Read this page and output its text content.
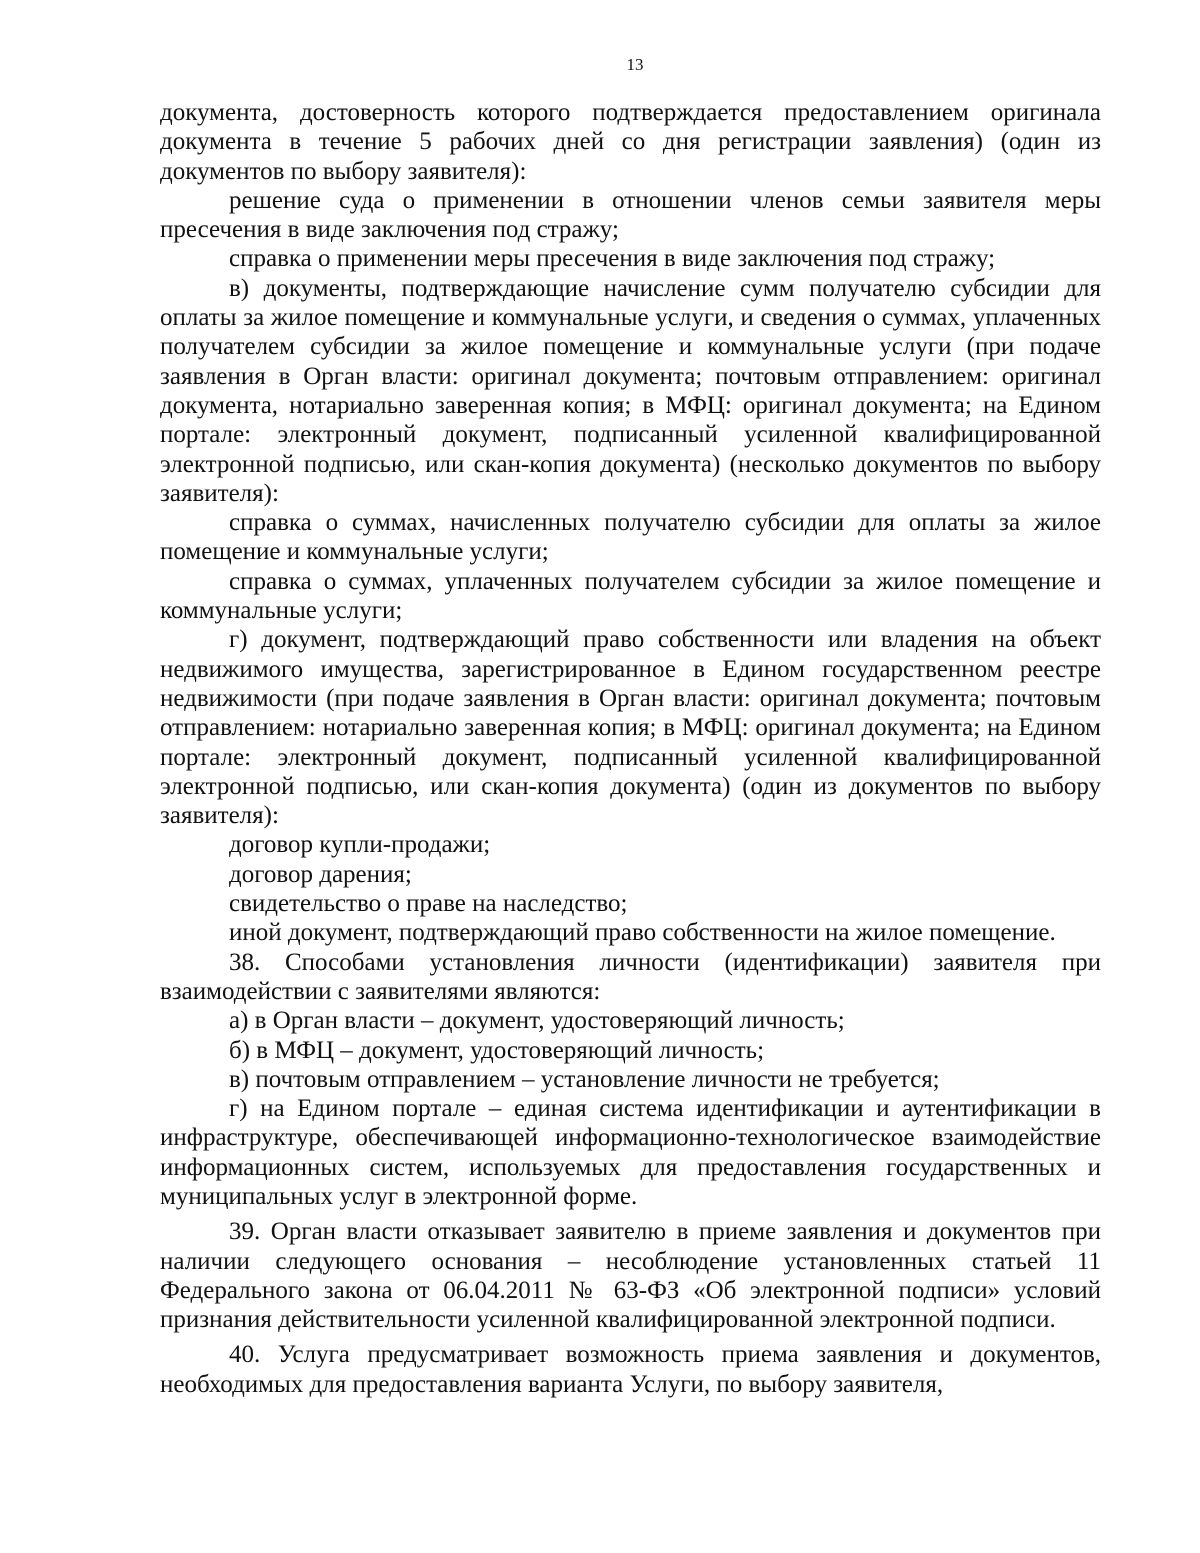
13

документа, достоверность которого подтверждается предоставлением оригинала документа в течение 5 рабочих дней со дня регистрации заявления) (один из документов по выбору заявителя):

решение суда о применении в отношении членов семьи заявителя меры пресечения в виде заключения под стражу;

справка о применении меры пресечения в виде заключения под стражу;

в) документы, подтверждающие начисление сумм получателю субсидии для оплаты за жилое помещение и коммунальные услуги, и сведения о суммах, уплаченных получателем субсидии за жилое помещение и коммунальные услуги (при подаче заявления в Орган власти: оригинал документа; почтовым отправлением: оригинал документа, нотариально заверенная копия; в МФЦ: оригинал документа; на Едином портале: электронный документ, подписанный усиленной квалифицированной электронной подписью, или скан-копия документа) (несколько документов по выбору заявителя):

справка о суммах, начисленных получателю субсидии для оплаты за жилое помещение и коммунальные услуги;

справка о суммах, уплаченных получателем субсидии за жилое помещение и коммунальные услуги;

г) документ, подтверждающий право собственности или владения на объект недвижимого имущества, зарегистрированное в Едином государственном реестре недвижимости (при подаче заявления в Орган власти: оригинал документа; почтовым отправлением: нотариально заверенная копия; в МФЦ: оригинал документа; на Едином портале: электронный документ, подписанный усиленной квалифицированной электронной подписью, или скан-копия документа) (один из документов по выбору заявителя):

договор купли-продажи;

договор дарения;

свидетельство о праве на наследство;

иной документ, подтверждающий право собственности на жилое помещение.

38. Способами установления личности (идентификации) заявителя при взаимодействии с заявителями являются:

а) в Орган власти – документ, удостоверяющий личность;

б) в МФЦ – документ, удостоверяющий личность;

в) почтовым отправлением – установление личности не требуется;

г) на Едином портале – единая система идентификации и аутентификации в инфраструктуре, обеспечивающей информационно-технологическое взаимодействие информационных систем, используемых для предоставления государственных и муниципальных услуг в электронной форме.

39. Орган власти отказывает заявителю в приеме заявления и документов при наличии следующего основания – несоблюдение установленных статьей 11 Федерального закона от 06.04.2011 № 63-ФЗ «Об электронной подписи» условий признания действительности усиленной квалифицированной электронной подписи.

40. Услуга предусматривает возможность приема заявления и документов, необходимых для предоставления варианта Услуги, по выбору заявителя,
